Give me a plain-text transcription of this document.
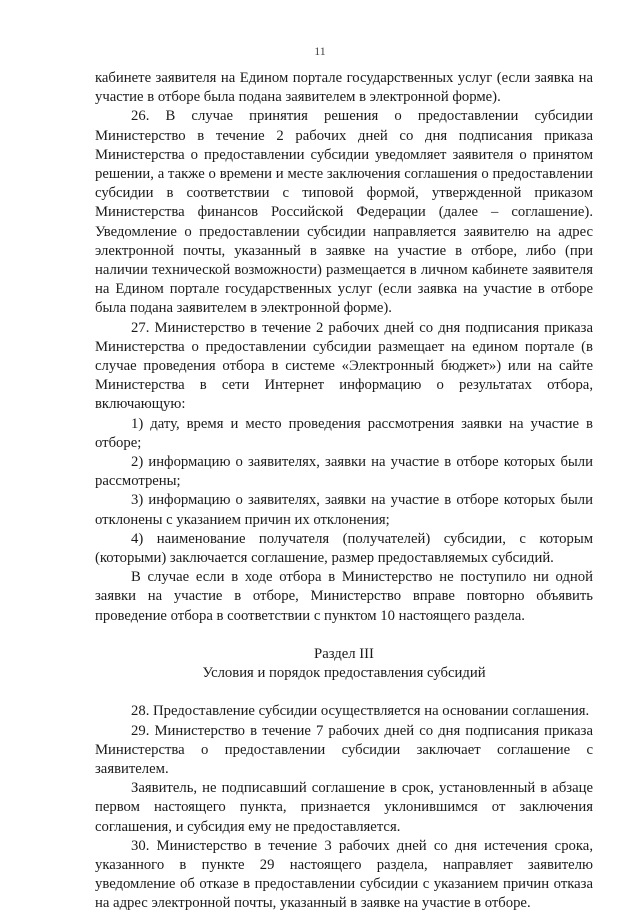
11

кабинете заявителя на Едином портале государственных услуг (если заявка на участие в отборе была подана заявителем в электронной форме).

26. В случае принятия решения о предоставлении субсидии Министерство в течение 2 рабочих дней со дня подписания приказа Министерства о предоставлении субсидии уведомляет заявителя о принятом решении, а также о времени и месте заключения соглашения о предоставлении субсидии в соответствии с типовой формой, утвержденной приказом Министерства финансов Российской Федерации (далее – соглашение). Уведомление о предоставлении субсидии направляется заявителю на адрес электронной почты, указанный в заявке на участие в отборе, либо (при наличии технической возможности) размещается в личном кабинете заявителя на Едином портале государственных услуг (если заявка на участие в отборе была подана заявителем в электронной форме).

27. Министерство в течение 2 рабочих дней со дня подписания приказа Министерства о предоставлении субсидии размещает на едином портале (в случае проведения отбора в системе «Электронный бюджет») или на сайте Министерства в сети Интернет информацию о результатах отбора, включающую:

1) дату, время и место проведения рассмотрения заявки на участие в отборе;

2) информацию о заявителях, заявки на участие в отборе которых были рассмотрены;

3) информацию о заявителях, заявки на участие в отборе которых были отклонены с указанием причин их отклонения;

4) наименование получателя (получателей) субсидии, с которым (которыми) заключается соглашение, размер предоставляемых субсидий.

В случае если в ходе отбора в Министерство не поступило ни одной заявки на участие в отборе, Министерство вправе повторно объявить проведение отбора в соответствии с пунктом 10 настоящего раздела.

Раздел III

Условия и порядок предоставления субсидий

28. Предоставление субсидии осуществляется на основании соглашения.

29. Министерство в течение 7 рабочих дней со дня подписания приказа Министерства о предоставлении субсидии заключает соглашение с заявителем.

Заявитель, не подписавший соглашение в срок, установленный в абзаце первом настоящего пункта, признается уклонившимся от заключения соглашения, и субсидия ему не предоставляется.

30. Министерство в течение 3 рабочих дней со дня истечения срока, указанного в пункте 29 настоящего раздела, направляет заявителю уведомление об отказе в предоставлении субсидии с указанием причин отказа на адрес электронной почты, указанный в заявке на участие в отборе.
